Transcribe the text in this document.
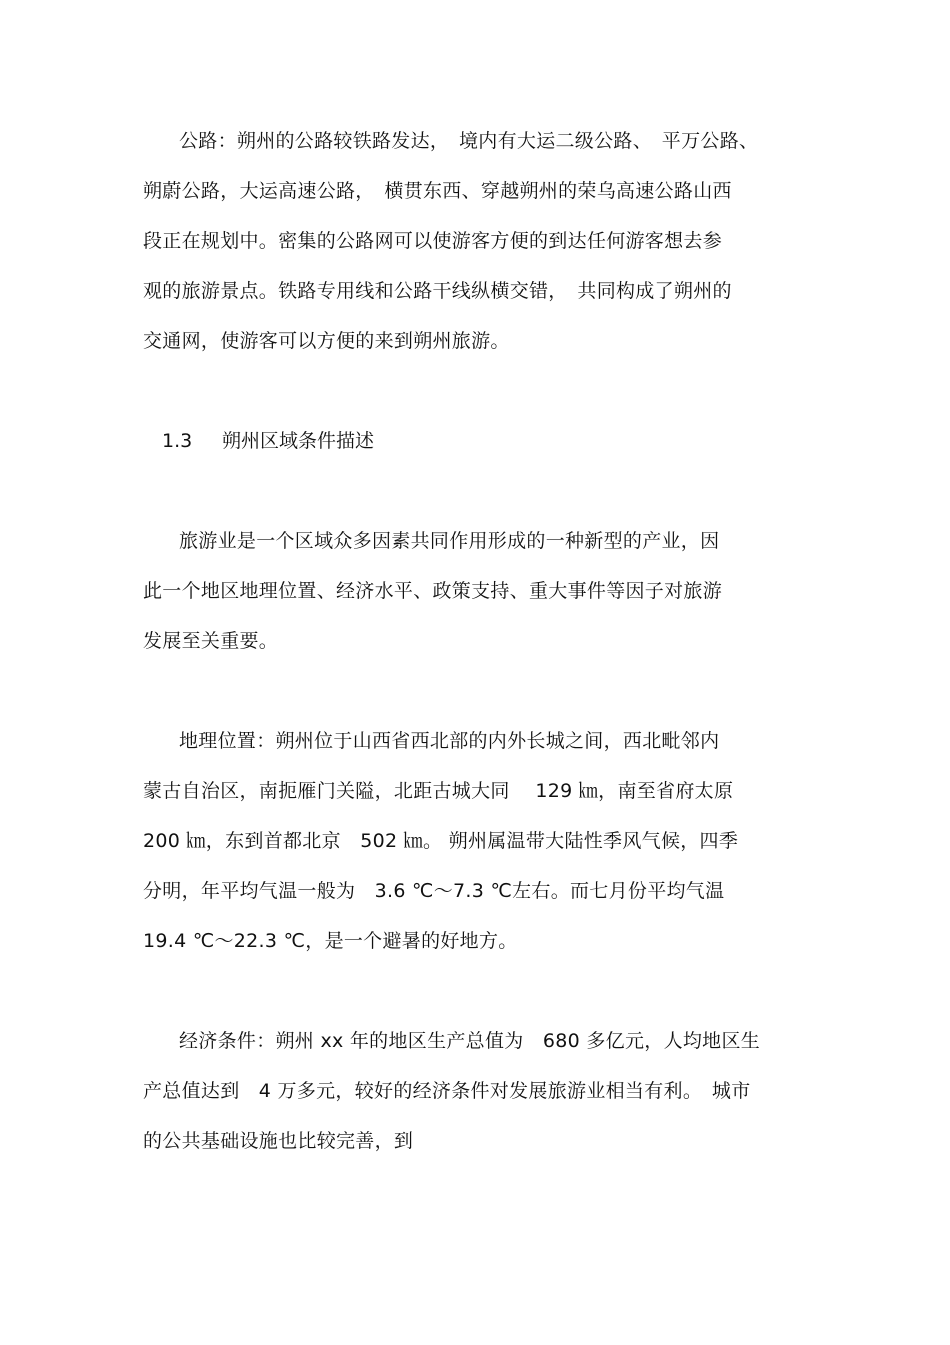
公路：朔州的公路较铁路发达，　境内有大运二级公路、　平万公路、
朔蔚公路，大运高速公路，　横贯东西、穿越朔州的荣乌高速公路山西
段正在规划中。密集的公路网可以使游客方便的到达任何游客想去参
观的旅游景点。铁路专用线和公路干线纵横交错，　共同构成了朔州的
交通网，使游客可以方便的来到朔州旅游。
1.3 朔州区域条件描述
旅游业是一个区域众多因素共同作用形成的一种新型的产业，因
此一个地区地理位置、经济水平、政策支持、重大事件等因子对旅游
发展至关重要。
地理位置：朔州位于山西省西北部的内外长城之间，西北毗邻内
蒙古自治区，南扼雁门关隘，北距古城大同　 129 ㎞，南至省府太原
200 ㎞，东到首都北京　502 ㎞。 朔州属温带大陆性季风气候，四季
分明，年平均气温一般为　3.6 ℃～7.3 ℃左右。而七月份平均气温
19.4 ℃～22.3 ℃，是一个避暑的好地方。
经济条件：朔州 xx 年的地区生产总值为　680 多亿元，人均地区生
产总值达到　4 万多元，较好的经济条件对发展旅游业相当有利。　城市
的公共基础设施也比较完善，到
